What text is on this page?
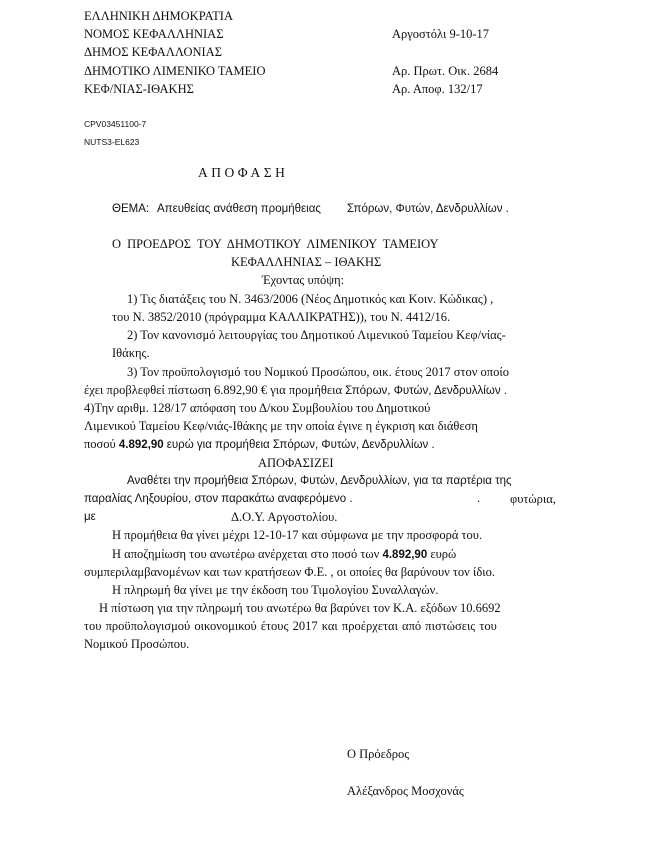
ΕΛΛΗΝΙΚΗ ΔΗΜΟΚΡΑΤΙΑ
ΝΟΜΟΣ ΚΕΦΑΛΛΗΝΙΑΣ
ΔΗΜΟΣ ΚΕΦΑΛΛΟΝΙΑΣ
ΔΗΜΟΤΙΚΟ ΛΙΜΕΝΙΚΟ ΤΑΜΕΙΟ
ΚΕΦ/ΝΙΑΣ-ΙΘΑΚΗΣ
Αργοστόλι 9-10-17
Αρ. Πρωτ. Οικ. 2684
Αρ. Αποφ. 132/17
CPV03451100-7
NUTS3-EL623
ΑΠΟΦΑΣΗ
ΘΕΜΑ: Απευθείας ανάθεση προμήθειας Σπόρων, Φυτών, Δενδρυλλίων .
Ο ΠΡΟΕΔΡΟΣ ΤΟΥ ΔΗΜΟΤΙΚΟΥ ΛΙΜΕΝΙΚΟΥ ΤΑΜΕΙΟΥ
ΚΕΦΑΛΛΗΝΙΑΣ – ΙΘΑΚΗΣ
Έχοντας υπόψη:
1) Τις διατάξεις του Ν. 3463/2006 (Νέος Δημοτικός και Κοιν. Κώδικας) ,
του Ν. 3852/2010 (πρόγραμμα ΚΑΛΛΙΚΡΑΤΗΣ)), του Ν. 4412/16.
2) Τον κανονισμό λειτουργίας του Δημοτικού Λιμενικού Ταμείου Κεφ/νίας-
Ιθάκης.
3) Τον προϋπολογισμό του Νομικού Προσώπου, οικ. έτους 2017 στον οποίο
έχει προβλεφθεί πίστωση 6.892,90 € για προμήθεια Σπόρων, Φυτών, Δενδρυλλίων .
4)Την αριθμ. 128/17 απόφαση του Δ/κου Συμβουλίου του Δημοτικού
Λιμενικού Ταμείου Κεφ/νιάς-Ιθάκης με την οποία έγινε η έγκριση και διάθεση
ποσού 4.892,90 ευρώ για προμήθεια Σπόρων, Φυτών, Δενδρυλλίων .
ΑΠΟΦΑΣΙΖΕΙ
Αναθέτει την προμήθεια Σπόρων, Φυτών, Δενδρυλλίων, για τα παρτέρια της
παραλίας Ληξουρίου, στον παρακάτω αναφερόμενο .	. φυτώρια,
με	Δ.Ο.Υ. Αργοστολίου.
Η προμήθεια θα γίνει μέχρι 12-10-17 και σύμφωνα με την προσφορά του.
Η αποζημίωση του ανωτέρω ανέρχεται στο ποσό των 4.892,90 ευρώ
συμπεριλαμβανομένων και των κρατήσεων Φ.Ε. , οι οποίες θα βαρύνουν τον ίδιο.
Η πληρωμή θα γίνει με την έκδοση του Τιμολογίου Συναλλαγών.
Η πίστωση για την πληρωμή του ανωτέρω θα βαρύνει τον Κ.Α. εξόδων 10.6692
του προϋπολογισμού οικονομικού έτους 2017 και προέρχεται από πιστώσεις του
Νομικού Προσώπου.
Ο Πρόεδρος
Αλέξανδρος Μοσχονάς
